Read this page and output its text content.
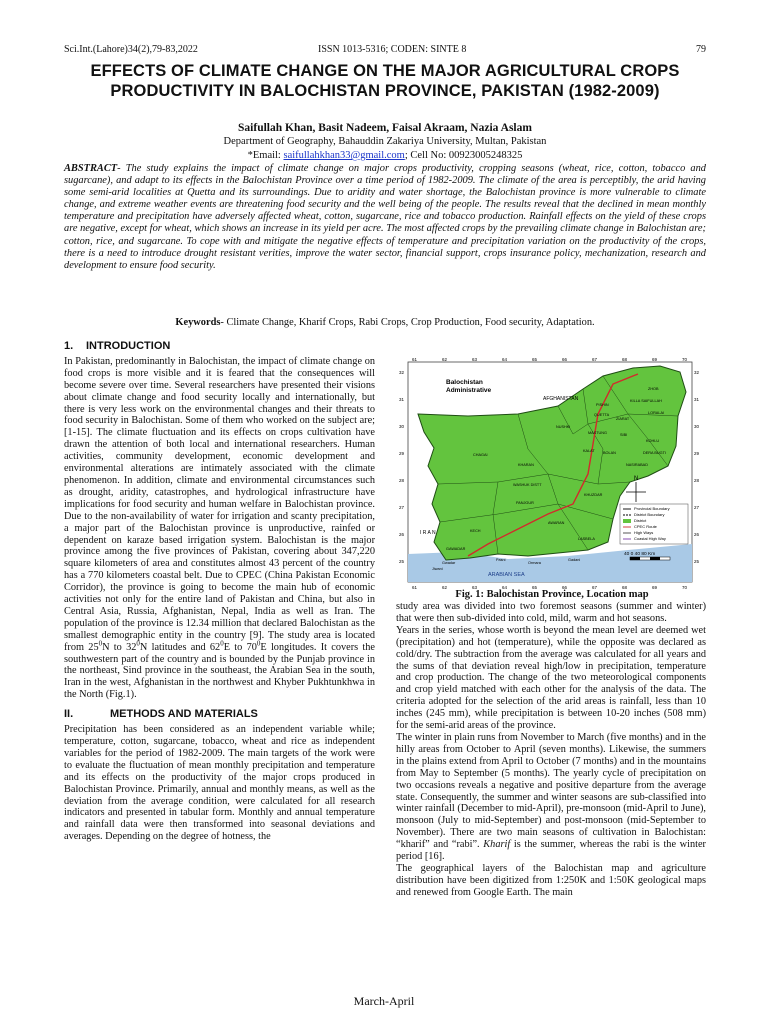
Sci.Int.(Lahore)34(2),79-83,2022	ISSN 1013-5316; CODEN: SINTE 8	79
EFFECTS OF CLIMATE CHANGE ON THE MAJOR AGRICULTURAL CROPS PRODUCTIVITY IN BALOCHISTAN PROVINCE, PAKISTAN (1982-2009)
Saifullah Khan, Basit Nadeem, Faisal Akraam, Nazia Aslam
Department of Geography, Bahauddin Zakariya University, Multan, Pakistan
*Email: saifullahkhan33@gmail.com; Cell No: 00923005248325
ABSTRACT- The study explains the impact of climate change on major crops productivity, cropping seasons (wheat, rice, cotton, tobacco and sugarcane), and adapt to its effects in the Balochistan Province over a time period of 1982-2009. The climate of the area is perceptibly, the arid having some semi-arid localities at Quetta and its surroundings. Due to aridity and water shortage, the Balochistan province is more vulnerable to climate change, and extreme weather events are threatening food security and the well being of the people. The results reveal that the declined in mean monthly temperature and precipitation have adversely affected wheat, cotton, sugarcane, rice and tobacco production. Rainfall effects on the yield of these crops are negative, except for wheat, which shows an increase in its yield per acre. The most affected crops by the prevailing climate change in Balochistan are; cotton, rice, and sugarcane. To cope with and mitigate the negative effects of temperature and precipitation variation on the productivity of the crops, there is a need to introduce drought resistant verities, improve the water sector, financial support, crops insurance policy, mechanization, research and development to ensure food security.
Keywords- Climate Change, Kharif Crops, Rabi Crops, Crop Production, Food security, Adaptation.
1. INTRODUCTION

In Pakistan, predominantly in Balochistan, the impact of climate change on food crops is more visible and it is feared that the consequences will become severe over time. Several researchers have presented their visions about climate change and food security locally and internationally, but there is very less work on the environmental changes and their threats to food security in Balochistan. Some of them who worked on the subject are; [1-15]. The climate fluctuation and its effects on crops cultivation have drawn the attention of both local and international researchers. Human activities, community development, economic development and environmental alterations are intimately associated with the climate phenomenon. In addition, climate and environmental circumstances such as drought, aridity, catastrophes, and hydrological infrastructure have implications for food security and human welfare in Balochistan province. Due to the non-availability of water for irrigation and scanty precipitation, a major part of the Balochistan province is unproductive, rainfed or dependent on karaze based irrigation system. Balochistan is the major province among the five provinces of Pakistan, covering about 347,220 square kilometers of area and constitutes almost 43 percent of the country has a 770 kilometers coastal belt. Due to CPEC (China Pakistan Economic Corridor), the province is going to become the main hub of economic activities not only for the entire land of Pakistan and China, but also in Central Asia, Russia, Afghanistan, Nepal, India as well as Iran. The population of the province is 12.34 million that declared Balochistan as the smallest demographic entity in the country [9]. The study area is located from $25^0N$ to $32^0N$ latitudes and $62^0E$ to $70^0E$ longitudes. It covers the southwestern part of the country and is bounded by the Punjab province in the northeast, Sind province in the southeast, the Arabian Sea in the south, Iran in the west, Afghanistan in the northwest and Khyber Pukhtunkhwa in the North (Fig.1).

II.	METHODS AND MATERIALS

Precipitation has been considered as an independent variable while; temperature, cotton, sugarcane, tobacco, wheat and rice as independent variables for the period of 1982-2009. The main targets of the work were to evaluate the fluctuation of mean monthly precipitation and temperature and its effects on the productivity of the major crops produced in Balochistan Province. Primarily, annual and monthly means, as well as the deviation from the average condition, were calculated for all research indicators and presented in tabular form. Monthly and annual temperature and rainfall data were then transformed into seasonal deviations and averages. Depending on the degree of hotness, the

61
61
62
62
63
63
64
64
65
65
66
66
67
67
68
68
69
69
70
70
32	32
31	31
30	30
29	29
28	28
27	27
26	26
25	25
Balochistan
Administrative
ARABIAN SEA
I R A N
AFGHANISTAN
N
Provincial Boundary
District Boundary
District
CPEC Route
High Ways
Coastal High Way
40 0 40 80 Km
ZHOB
KILLA SAIFULLAH
LORALAI
PISHIN
QUETTA
ZIARAT
SIBI
KOHLU
MASTUNG
NUSHKI
BOLAN	DERA BUGTI
KALAT
CHAGAI
KHARAN	NASIRABAD
WASHUK DISTT
KHUZDAR
PANJGUR
AWARAN
KECH
LASBELA
GAWADAR
Gwadar
Pasni
Ormara
Gadani
Jiwani
Fig. 1: Balochistan Province, Location map

study area was divided into two foremost seasons (summer and winter) that were then sub-divided into cold, mild, warm and hot seasons.

Years in the series, whose worth is beyond the mean level are deemed wet (precipitation) and hot (temperature), while the opposite was declared as cold/dry. The subtraction from the average was calculated for all years and the sums of that deviation reveal high/low in precipitation, temperature and crop production. The change of the two meteorological components and crop yield matched with each other for the analysis of the data. The criteria adopted for the selection of the arid areas is rainfall, less than 10 inches (245 mm), while precipitation is between 10-20 inches (508 mm) for the semi-arid areas of the province.

The winter in plain runs from November to March (five months) and in the hilly areas from October to April (seven months). Likewise, the summers in the plains extend from April to October (7 months) and in the mountains from May to September (5 months). The yearly cycle of precipitation on two occasions reveals a negative and positive departure from the average state. Consequently, the summer and winter seasons are sub-classified into winter rainfall (December to mid-April), pre-monsoon (mid-April to June), monsoon (July to mid-September) and post-monsoon (mid-September to November). There are two main seasons of cultivation in Balochistan: “kharif” and “rabi”. Kharif is the summer, whereas the rabi is the winter period [16].

The geographical layers of the Balochistan map and agriculture distribution have been digitized from 1:250K and 1:50K geological maps and renewed from Google Earth. The main

March-April
